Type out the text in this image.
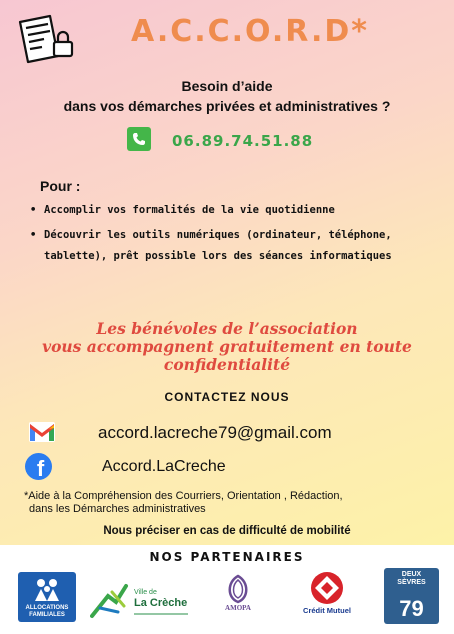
A.C.C.O.R.D*
Besoin d’aide
dans vos démarches privées et administratives ?
06.89.74.51.88
Pour :
• Accomplir vos formalités de la vie quotidienne
• Découvrir les outils numériques (ordinateur, téléphone, tablette), prêt possible lors des séances informatiques
Les bénévoles de l’association
vous accompagnent gratuitement en toute
confidentialité
CONTACTEZ NOUS
accord.lacreche79@gmail.com
f	Accord.LaCreche
*Aide à la Compréhension des Courriers, Orientation , Rédaction,
dans les Démarches administratives
Nous préciser en cas de difficulté de mobilité
NOS PARTENAIRES
ALLOCATIONS
FAMILIALES
Ville de
La Crèche	AMOPA	Crédit Mutuel
DEUX
SÈVRES
79
